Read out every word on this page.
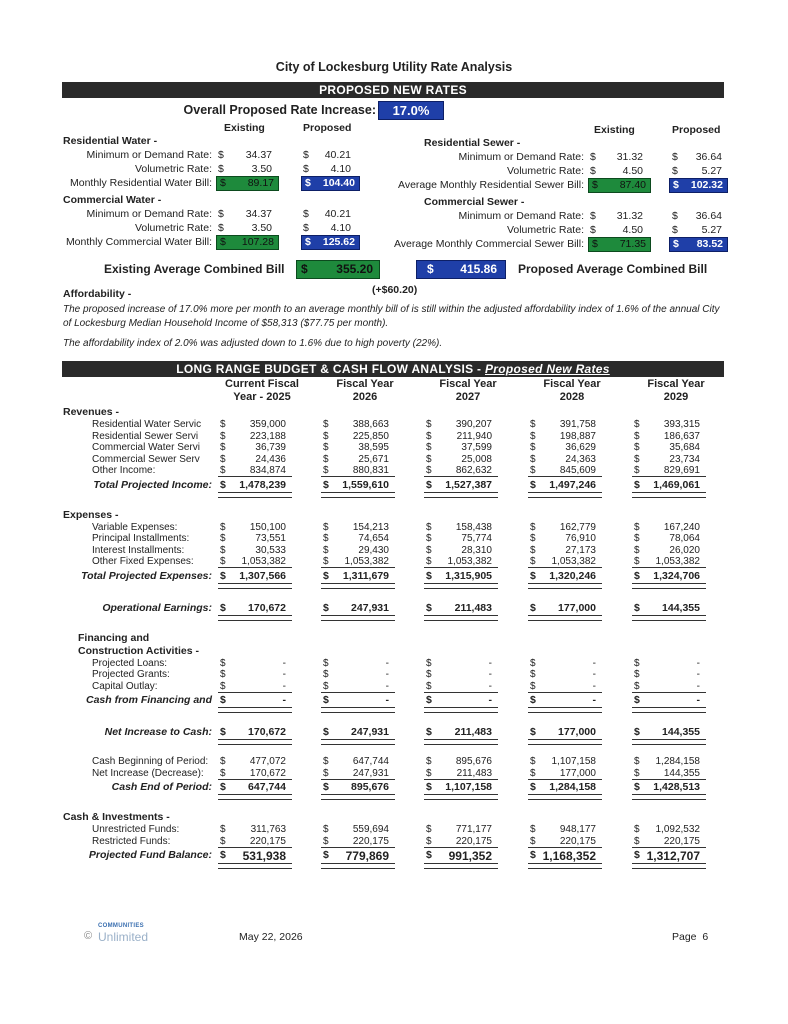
City of Lockesburg Utility Rate Analysis
PROPOSED NEW RATES
Overall Proposed Rate Increase:	17.0%
Existing	Proposed	Existing	Proposed
Residential Water -
Minimum or Demand Rate: $ 34.37	$ 40.21
Volumetric Rate: $	3.50	$ 4.10
Monthly Residential Water Bill: $ 89.17	$ 104.40
Commercial Water -
Minimum or Demand Rate: $ 34.37	$ 40.21
Volumetric Rate: $	3.50	$ 4.10
Monthly Commercial Water Bill: $ 107.28	$ 125.62
Residential Sewer -
Minimum or Demand Rate: $ 31.32	$ 36.64
Volumetric Rate: $	4.50	$ 5.27
Average Monthly Residential Sewer Bill: $ 87.40	$ 102.32
Commercial Sewer -
Minimum or Demand Rate: $ 31.32	$ 36.64
Volumetric Rate: $	4.50	$ 5.27
Average Monthly Commercial Sewer Bill: $ 71.35	$ 83.52
Existing Average Combined Bill	$ 355.20	$ 415.86 Proposed Average Combined Bill
(+$60.20)
Affordability -
The proposed increase of 17.0% more per month to an average monthly bill of is still within the adjusted affordability index of 1.6% of the annual City of Lockesburg Median Household Income of $58,313 ($77.75 per month).
The affordability index of 2.0% was adjusted down to 1.6% due to high poverty (22%).
LONG RANGE BUDGET & CASH FLOW ANALYSIS - Proposed New Rates
Current Fiscal
Year - 2025
Fiscal Year
2026
Fiscal Year
2027
Fiscal Year
2028
Fiscal Year
2029
Revenues -
Residential Water Servic	$ 359,000	$ 388,663	$ 390,207	$ 391,758	$ 393,315
Residential Sewer Servi	$ 223,188	$ 225,850	$	211,940	$ 198,887	$ 186,637
Commercial Water Servi	$	36,739	$	38,595	$	37,599	$	36,629	$	35,684
Commercial Sewer Serv	$	24,436	$	25,671	$	25,008	$	24,363	$	23,734
Other Income:	$ 834,874	$ 880,831	$ 862,632	$ 845,609	$ 829,691
Total Projected Income: $ 1,478,239	$ 1,559,610	$ 1,527,387	$ 1,497,246	$ 1,469,061
Expenses -
Variable Expenses:	$ 150,100	$ 154,213	$ 158,438	$ 162,779	$ 167,240
Principal Installments:	$	73,551	$	74,654	$	75,774	$	76,910	$	78,064
Interest Installments:	$	30,533	$	29,430	$	28,310	$	27,173	$	26,020
Other Fixed Expenses:	$ 1,053,382	$ 1,053,382	$ 1,053,382	$ 1,053,382	$ 1,053,382
Total Projected Expenses: $ 1,307,566	$ 1,311,679	$ 1,315,905	$ 1,320,246	$ 1,324,706
Operational Earnings: $ 170,672	$ 247,931	$ 211,483	$ 177,000	$ 144,355
Financing and
Construction Activities -
Projected Loans:	$	-	$	-	$	-	$	-	$	-
Projected Grants:	$	-	$	-	$	-	$	-	$	-
Capital Outlay:	$	-	$	-	$	-	$	-	$	-
Cash from Financing and $	-	$	-	$	-	$	-	$	-
Net Increase to Cash: $ 170,672	$ 247,931	$ 211,483	$ 177,000	$ 144,355
Cash Beginning of Period:	$ 477,072	$ 647,744	$ 895,676	$ 1,107,158	$ 1,284,158
Net Increase (Decrease):	$ 170,672	$ 247,931	$	211,483	$ 177,000	$ 144,355
Cash End of Period: $ 647,744	$ 895,676	$ 1,107,158	$ 1,284,158	$ 1,428,513
Cash & Investments -
Unrestricted Funds:	$	311,763	$ 559,694	$ 771,177	$ 948,177	$ 1,092,532
Restricted Funds:	$ 220,175	$ 220,175	$ 220,175	$ 220,175	$ 220,175
Projected Fund Balance: $ 531,938	$ 779,869	$ 991,352	$ 1,168,352	$ 1,312,707
COMMUNITIES
© Unlimited	May 22, 2026	Page  6
